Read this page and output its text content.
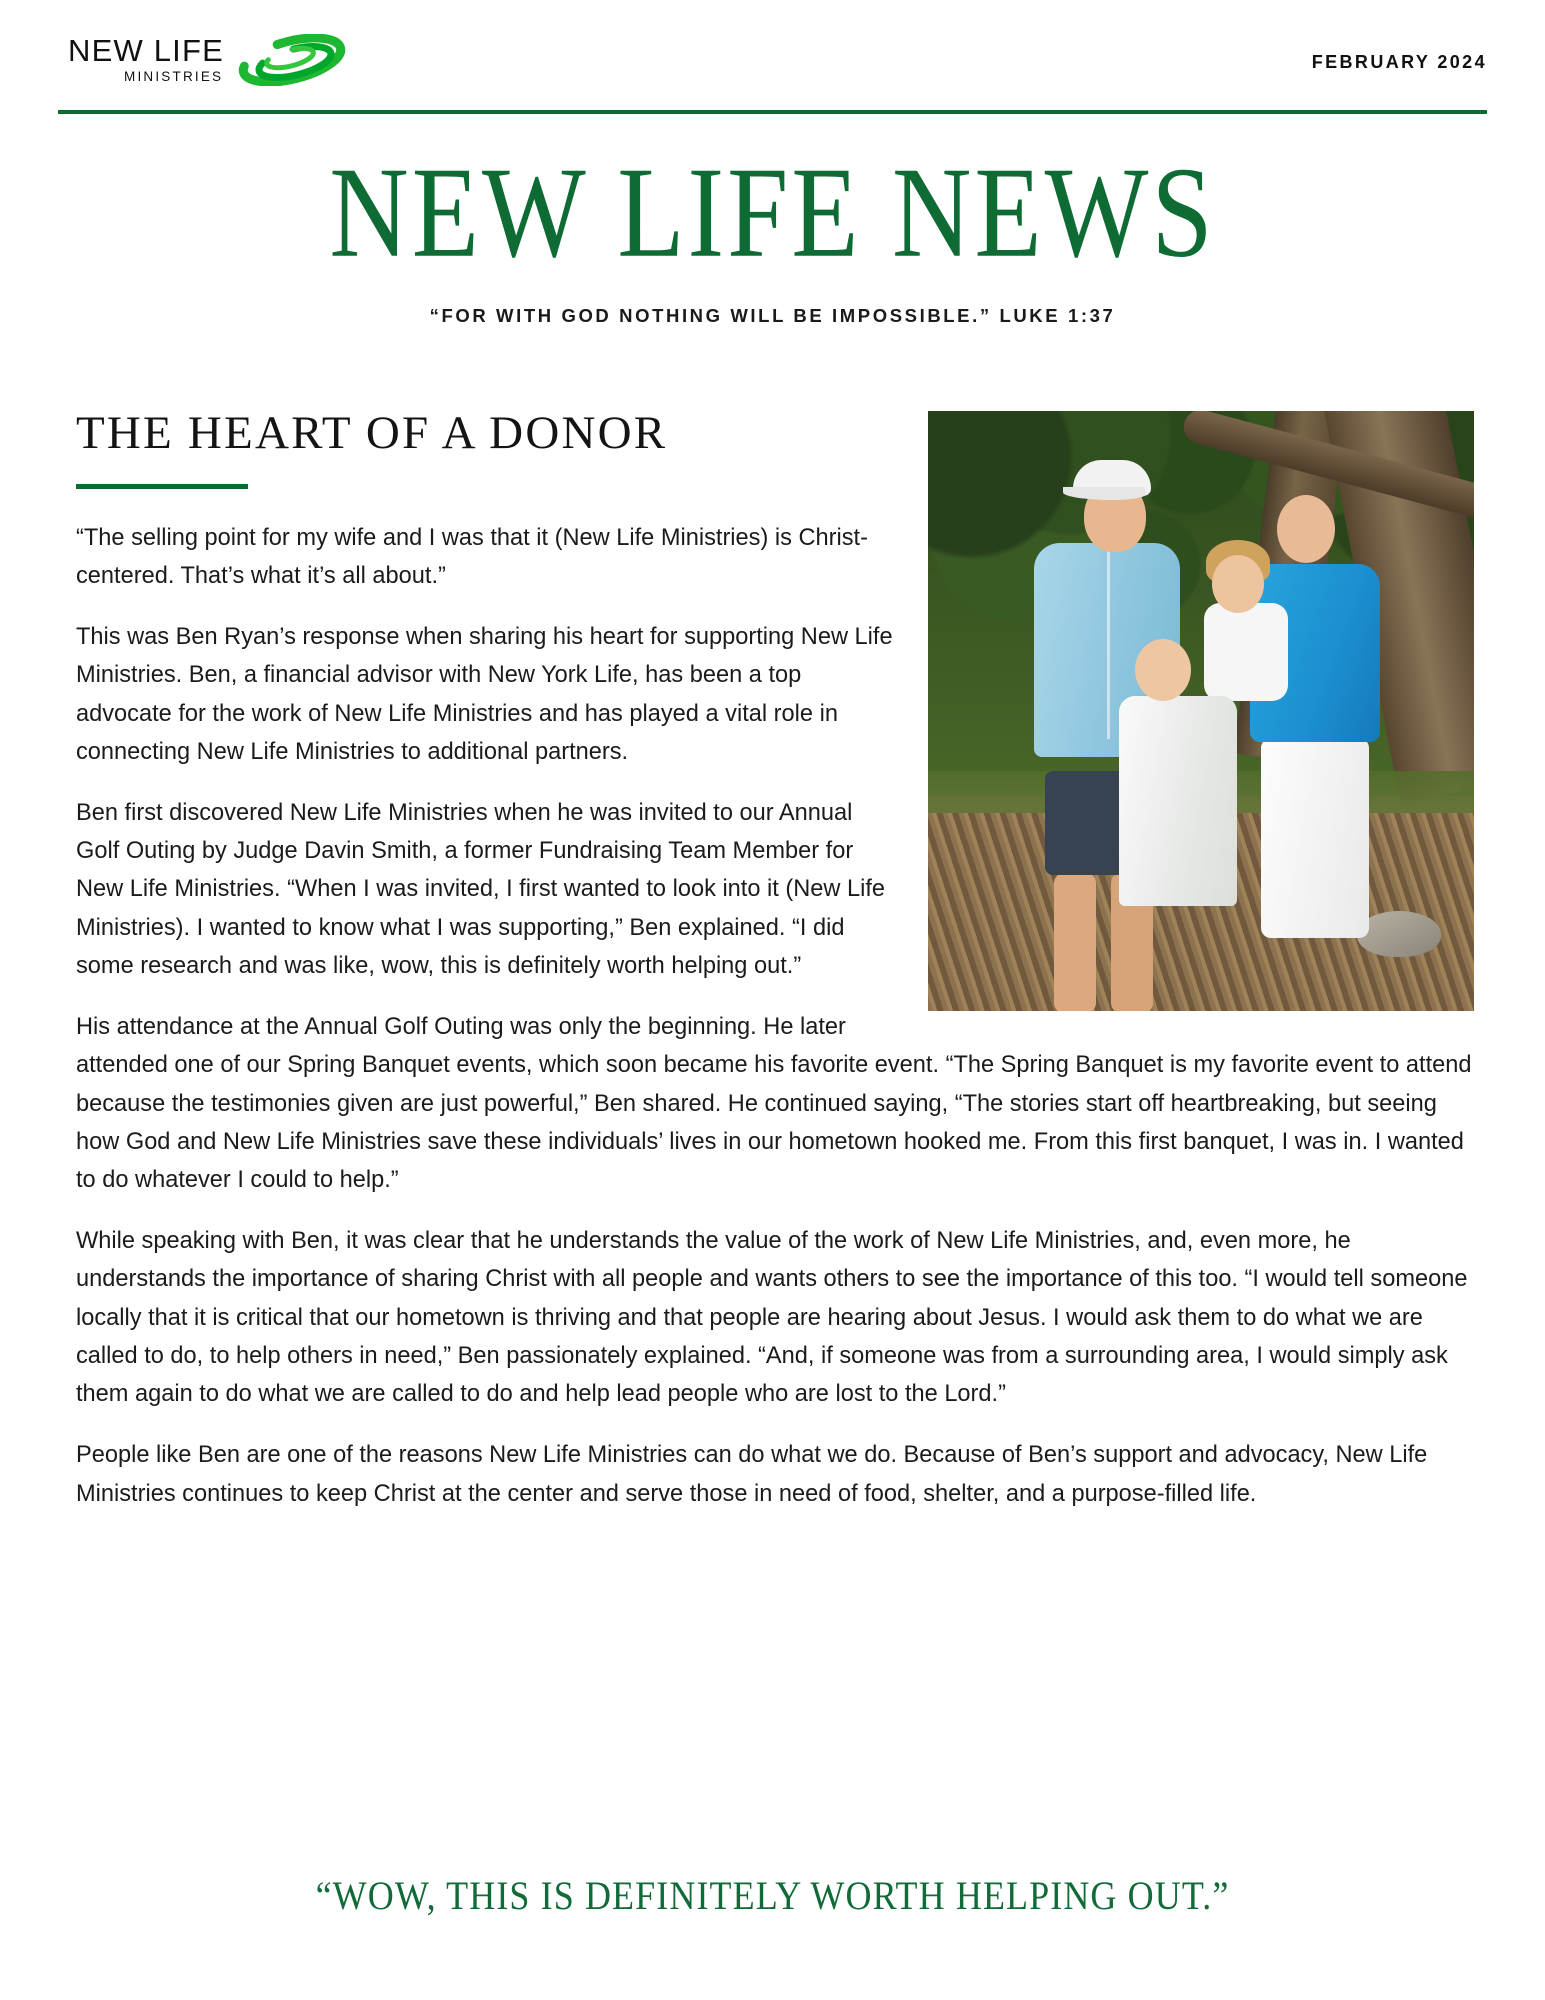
NEW LIFE
MINISTRIES
FEBRUARY 2024
NEW LIFE NEWS
“FOR WITH GOD NOTHING WILL BE IMPOSSIBLE.” LUKE 1:37
THE HEART OF A DONOR

“The selling point for my wife and I was that it (New Life Ministries) is Christ-centered. That’s what it’s all about.”

This was Ben Ryan’s response when sharing his heart for supporting New Life Ministries. Ben, a financial advisor with New York Life, has been a top advocate for the work of New Life Ministries and has played a vital role in connecting New Life Ministries to additional partners.

Ben first discovered New Life Ministries when he was invited to our Annual Golf Outing by Judge Davin Smith, a former Fundraising Team Member for New Life Ministries. “When I was invited, I first wanted to look into it (New Life Ministries). I wanted to know what I was supporting,” Ben explained. “I did some research and was like, wow, this is definitely worth helping out.”

His attendance at the Annual Golf Outing was only the beginning. He later attended one of our Spring Banquet events, which soon became his favorite event. “The Spring Banquet is my favorite event to attend because the testimonies given are just powerful,” Ben shared. He continued saying, “The stories start off heartbreaking, but seeing how God and New Life Ministries save these individuals’ lives in our hometown hooked me. From this first banquet, I was in. I wanted to do whatever I could to help.”

While speaking with Ben, it was clear that he understands the value of the work of New Life Ministries, and, even more, he understands the importance of sharing Christ with all people and wants others to see the importance of this too. “I would tell someone locally that it is critical that our hometown is thriving and that people are hearing about Jesus. I would ask them to do what we are called to do, to help others in need,” Ben passionately explained. “And, if someone was from a surrounding area, I would simply ask them again to do what we are called to do and help lead people who are lost to the Lord.”

People like Ben are one of the reasons New Life Ministries can do what we do. Because of Ben’s support and advocacy, New Life Ministries continues to keep Christ at the center and serve those in need of food, shelter, and a purpose-filled life.

“WOW, THIS IS DEFINITELY WORTH HELPING OUT.”
